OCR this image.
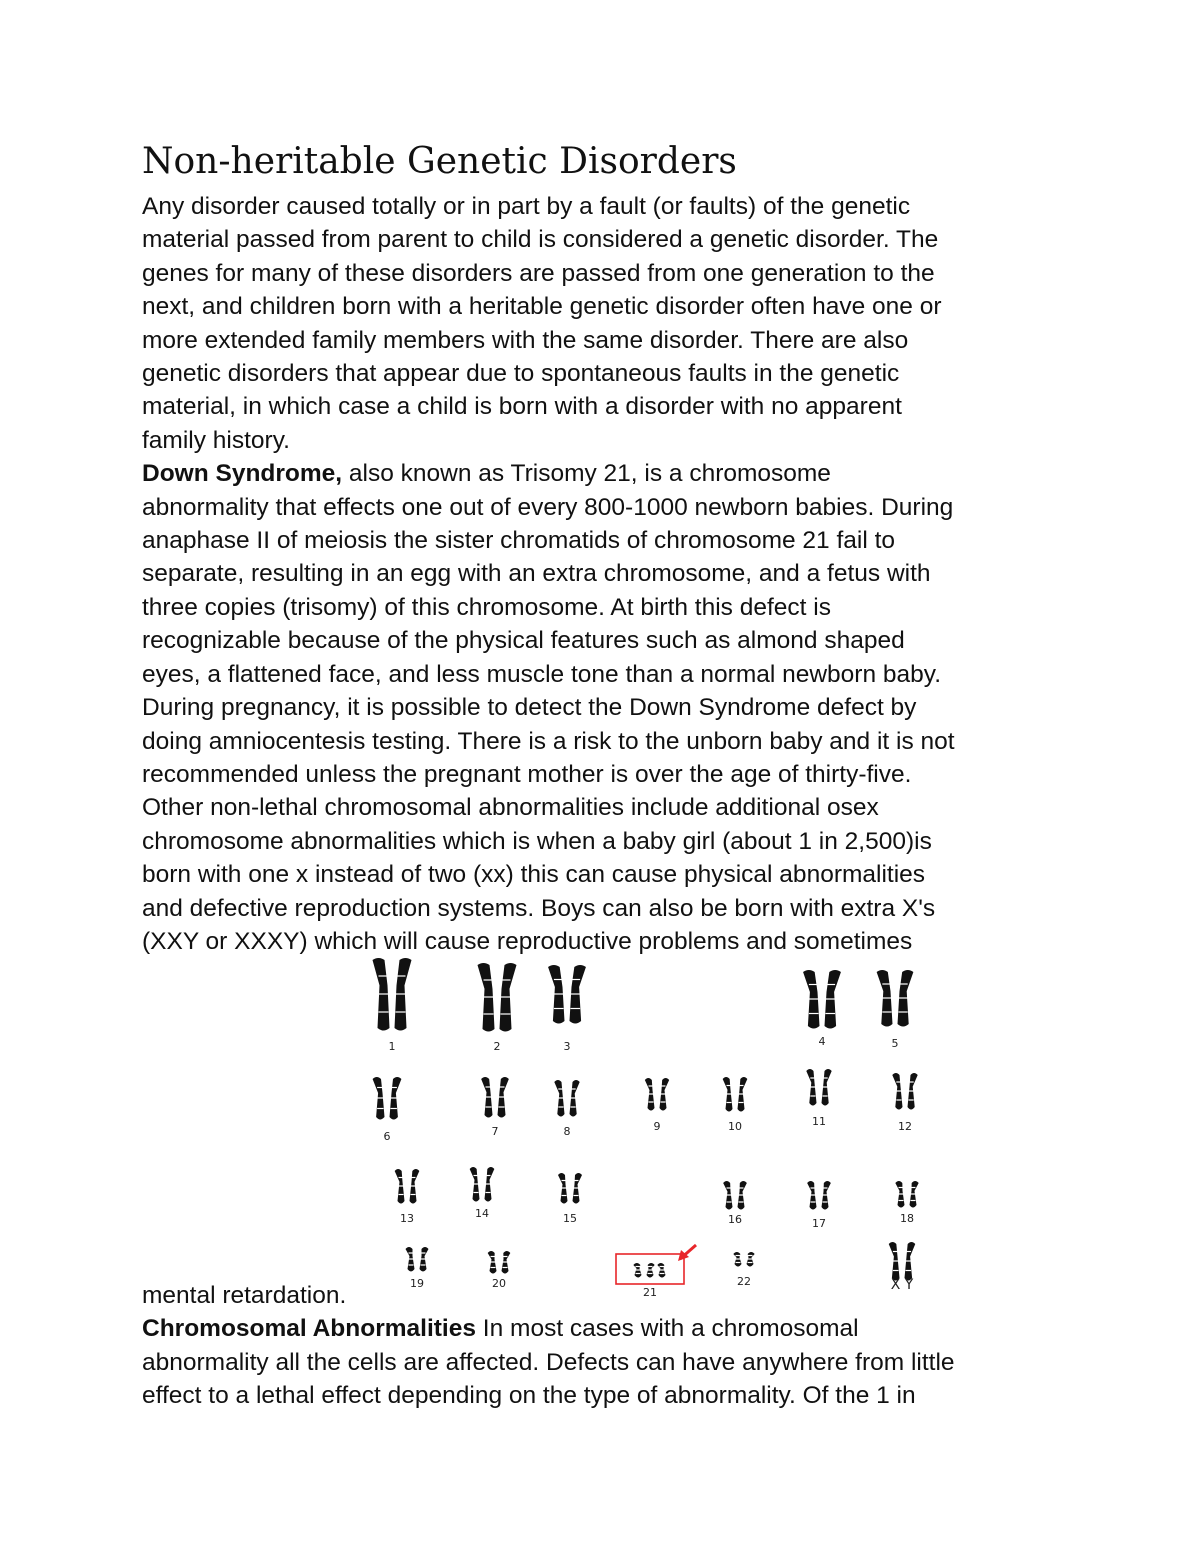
Non-heritable Genetic Disorders
Any disorder caused totally or in part by a fault (or faults) of the genetic
material passed from parent to child is considered a genetic disorder. The
genes for many of these disorders are passed from one generation to the
next, and children born with a heritable genetic disorder often have one or
more extended family members with the same disorder. There are also
genetic disorders that appear due to spontaneous faults in the genetic
material, in which case a child is born with a disorder with no apparent
family history.
Down Syndrome, also known as Trisomy 21, is a chromosome
abnormality that effects one out of every 800-1000 newborn babies. During
anaphase II of meiosis the sister chromatids of chromosome 21 fail to
separate, resulting in an egg with an extra chromosome, and a fetus with
three copies (trisomy) of this chromosome. At birth this defect is
recognizable because of the physical features such as almond shaped
eyes, a flattened face, and less muscle tone than a normal newborn baby.
During pregnancy, it is possible to detect the Down Syndrome defect by
doing amniocentesis testing. There is a risk to the unborn baby and it is not
recommended unless the pregnant mother is over the age of thirty-five.
Other non-lethal chromosomal abnormalities include additional osex
chromosome abnormalities which is when a baby girl (about 1 in 2,500)is
born with one x instead of two (xx) this can cause physical abnormalities
and defective reproduction systems. Boys can also be born with extra X's
(XXY or XXXY) which will cause reproductive problems and sometimes
1	2	3	4	5
6	7	8	9	10	11	12
13	14	15	16	17	18
19	20
21
22	X Y
mental retardation.
Chromosomal Abnormalities In most cases with a chromosomal
abnormality all the cells are affected. Defects can have anywhere from little
effect to a lethal effect depending on the type of abnormality. Of the 1 in
